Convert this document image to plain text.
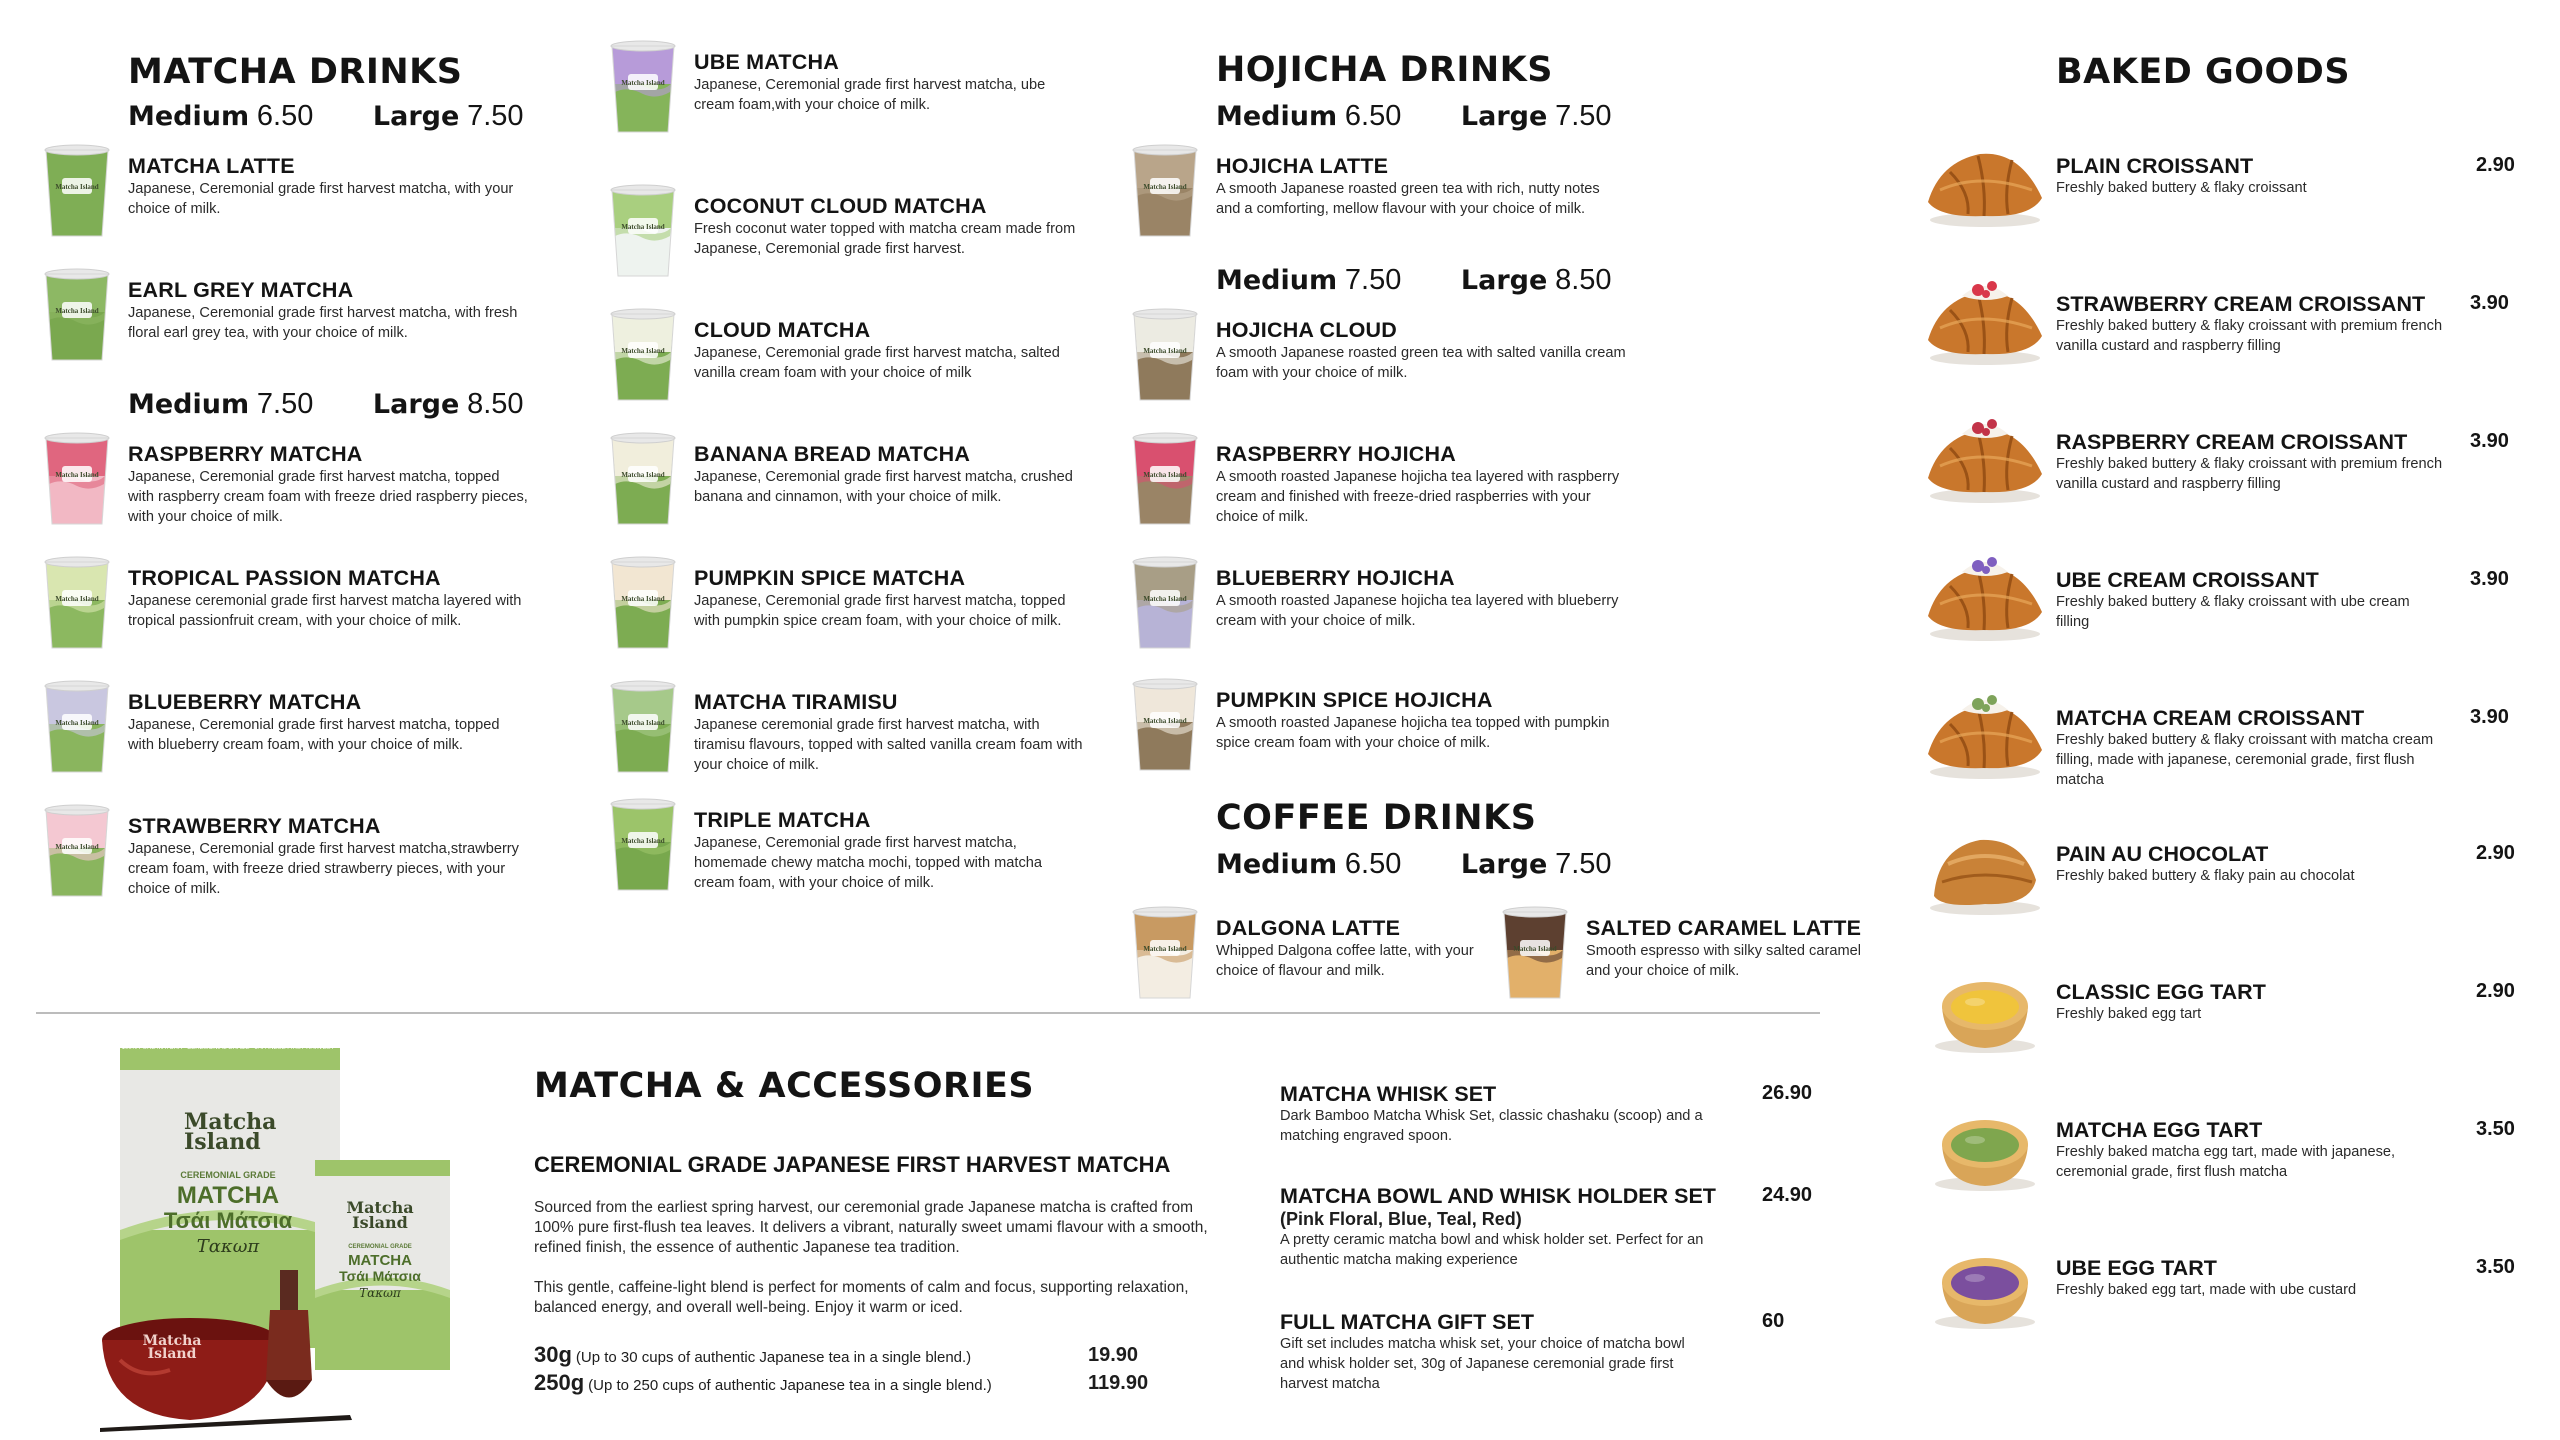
MATCHA DRINKS
Medium 6.50 Large 7.50
Medium 7.50 Large 8.50
Matcha Island
MATCHA LATTE
Japanese, Ceremonial grade first harvest matcha, with your choice of milk.
Matcha Island
EARL GREY MATCHA
Japanese, Ceremonial grade first harvest matcha, with fresh floral earl grey tea, with your choice of milk.
Matcha Island
RASPBERRY MATCHA
Japanese, Ceremonial grade first harvest matcha, topped with raspberry cream foam with freeze dried raspberry pieces, with your choice of milk.
Matcha Island
TROPICAL PASSION MATCHA
Japanese ceremonial grade first harvest matcha layered with tropical passionfruit cream, with your choice of milk.
Matcha Island
BLUEBERRY MATCHA
Japanese, Ceremonial grade first harvest matcha, topped with blueberry cream foam, with your choice of milk.
Matcha Island
STRAWBERRY MATCHA
Japanese, Ceremonial grade first harvest matcha,strawberry cream foam, with freeze dried strawberry pieces, with your choice of milk.
Matcha Island
UBE MATCHA
Japanese, Ceremonial grade first harvest matcha, ube cream foam,with your choice of milk.
Matcha Island
COCONUT CLOUD MATCHA
Fresh coconut water topped with matcha cream made from Japanese, Ceremonial grade first harvest.
Matcha Island
CLOUD MATCHA
Japanese, Ceremonial grade first harvest matcha, salted vanilla cream foam with your choice of milk
Matcha Island
BANANA BREAD MATCHA
Japanese, Ceremonial grade first harvest matcha, crushed banana and cinnamon, with your choice of milk.
Matcha Island
PUMPKIN SPICE MATCHA
Japanese, Ceremonial grade first harvest matcha, topped with pumpkin spice cream foam, with your choice of milk.
Matcha Island
MATCHA TIRAMISU
Japanese ceremonial grade first harvest matcha, with tiramisu flavours, topped with salted vanilla cream foam with your choice of milk.
Matcha Island
TRIPLE MATCHA
Japanese, Ceremonial grade first harvest matcha, homemade chewy matcha mochi, topped with matcha cream foam, with your choice of milk.
HOJICHA DRINKS
Medium 6.50 Large 7.50
Medium 7.50 Large 8.50
Matcha Island
HOJICHA LATTE
A smooth Japanese roasted green tea with rich, nutty notes and a comforting, mellow flavour with your choice of milk.
Matcha Island
HOJICHA CLOUD
A smooth Japanese roasted green tea with salted vanilla cream foam with your choice of milk.
Matcha Island
RASPBERRY HOJICHA
A smooth roasted Japanese hojicha tea layered with raspberry cream and finished with freeze-dried raspberries with your choice of milk.
Matcha Island
BLUEBERRY HOJICHA
A smooth roasted Japanese hojicha tea layered with blueberry cream with your choice of milk.
Matcha Island
PUMPKIN SPICE HOJICHA
A smooth roasted Japanese hojicha tea topped with pumpkin spice cream foam with your choice of milk.
COFFEE DRINKS
Medium 6.50 Large 7.50
Matcha Island
DALGONA LATTE
Whipped Dalgona coffee latte, with your choice of flavour and milk.
Matcha Island
SALTED CARAMEL LATTE
Smooth espresso with silky salted caramel and your choice of milk.
BAKED GOODS
PLAIN CROISSANT
Freshly baked buttery & flaky croissant
2.90
STRAWBERRY CREAM CROISSANT
Freshly baked buttery & flaky croissant with premium french vanilla custard and raspberry filling
3.90
RASPBERRY CREAM CROISSANT
Freshly baked buttery & flaky croissant with premium french vanilla custard and raspberry filling
3.90
UBE CREAM CROISSANT
Freshly baked buttery & flaky croissant with ube cream filling
3.90
MATCHA CREAM CROISSANT
Freshly baked buttery & flaky croissant with matcha cream filling, made with japanese, ceremonial grade, first flush matcha
3.90
PAIN AU CHOCOLAT
Freshly baked buttery & flaky pain au chocolat
2.90
CLASSIC EGG TART
Freshly baked egg tart
2.90
MATCHA EGG TART
Freshly baked matcha egg tart, made with japanese, ceremonial grade, first flush matcha
3.50
UBE EGG TART
Freshly baked egg tart, made with ube custard
3.50
Matcha
Island
100% PURE MATCHA · CEREMONIAL GRADE · JAPANESE FIRST HARVEST
CEREMONIAL GRADE
MATCHA
Τσάι Μάτσια
Τακωπ
Matcha
Island
CEREMONIAL GRADE
MATCHA
Τσάι Μάτσια
Τακωπ
Matcha
Island
MATCHA & ACCESSORIES
CEREMONIAL GRADE JAPANESE FIRST HARVEST MATCHA
Sourced from the earliest spring harvest, our ceremonial grade Japanese matcha is crafted from 100% pure first-flush tea leaves. It delivers a vibrant, naturally sweet umami flavour with a smooth, refined finish, the essence of authentic Japanese tea tradition.
This gentle, caffeine-light blend is perfect for moments of calm and focus, supporting relaxation, balanced energy, and overall well-being. Enjoy it warm or iced.
30g (Up to 30 cups of authentic Japanese tea in a single blend.)	19.90
250g (Up to 250 cups of authentic Japanese tea in a single blend.)	119.90
MATCHA WHISK SET
Dark Bamboo Matcha Whisk Set, classic chashaku (scoop) and a matching engraved spoon.
26.90
MATCHA BOWL AND WHISK HOLDER SET
(Pink Floral, Blue, Teal, Red)
A pretty ceramic matcha bowl and whisk holder set. Perfect for an authentic matcha making experience
24.90
FULL MATCHA GIFT SET
Gift set includes matcha whisk set, your choice of matcha bowl and whisk holder set, 30g of Japanese ceremonial grade first harvest matcha
60
